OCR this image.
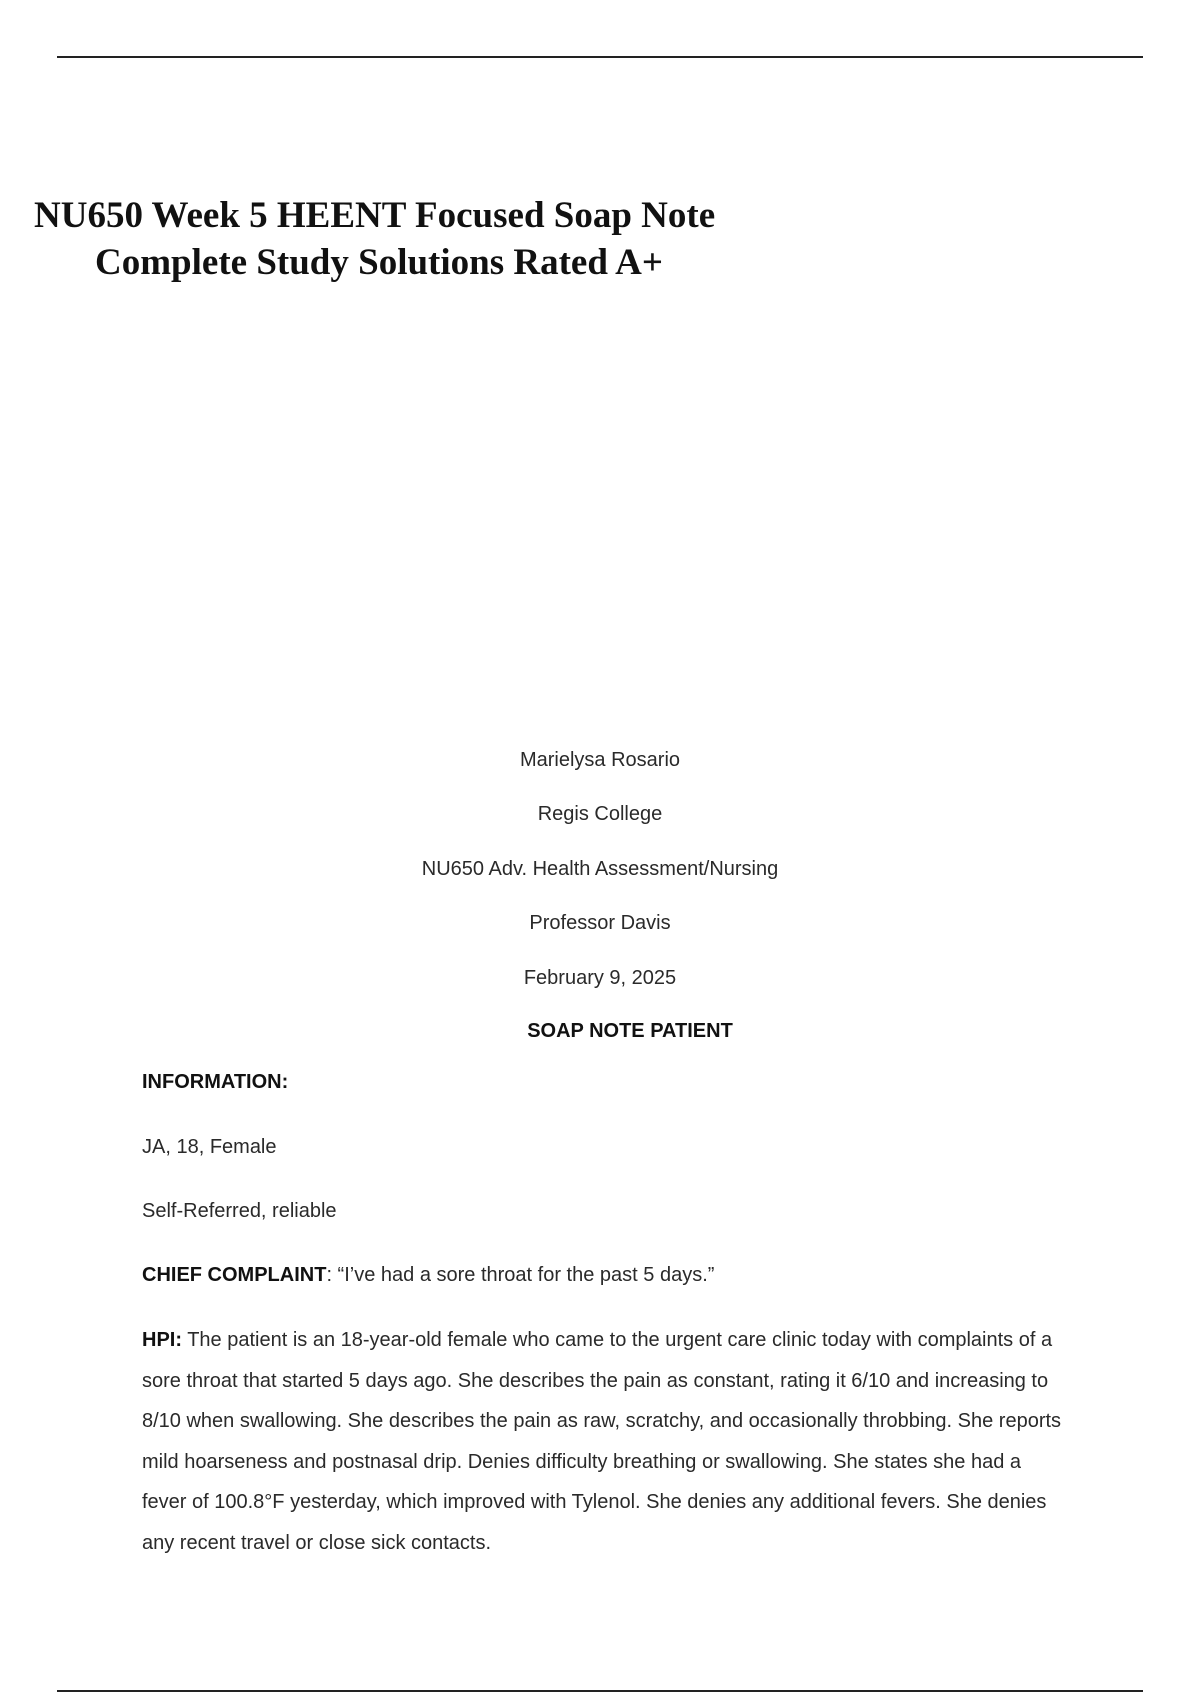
NU650 Week 5 HEENT Focused Soap Note
Complete Study Solutions Rated A+

Marielysa Rosario

Regis College

NU650 Adv. Health Assessment/Nursing

Professor Davis

February 9, 2025

SOAP NOTE PATIENT

INFORMATION:

JA, 18, Female

Self-Referred, reliable

CHIEF COMPLAINT: “I’ve had a sore throat for the past 5 days.”

HPI: The patient is an 18-year-old female who came to the urgent care clinic today with complaints of a sore throat that started 5 days ago. She describes the pain as constant, rating it 6/10 and increasing to 8/10 when swallowing. She describes the pain as raw, scratchy, and occasionally throbbing. She reports mild hoarseness and postnasal drip. Denies difficulty breathing or swallowing. She states she had a fever of 100.8°F yesterday, which improved with Tylenol. She denies any additional fevers. She denies any recent travel or close sick contacts.
